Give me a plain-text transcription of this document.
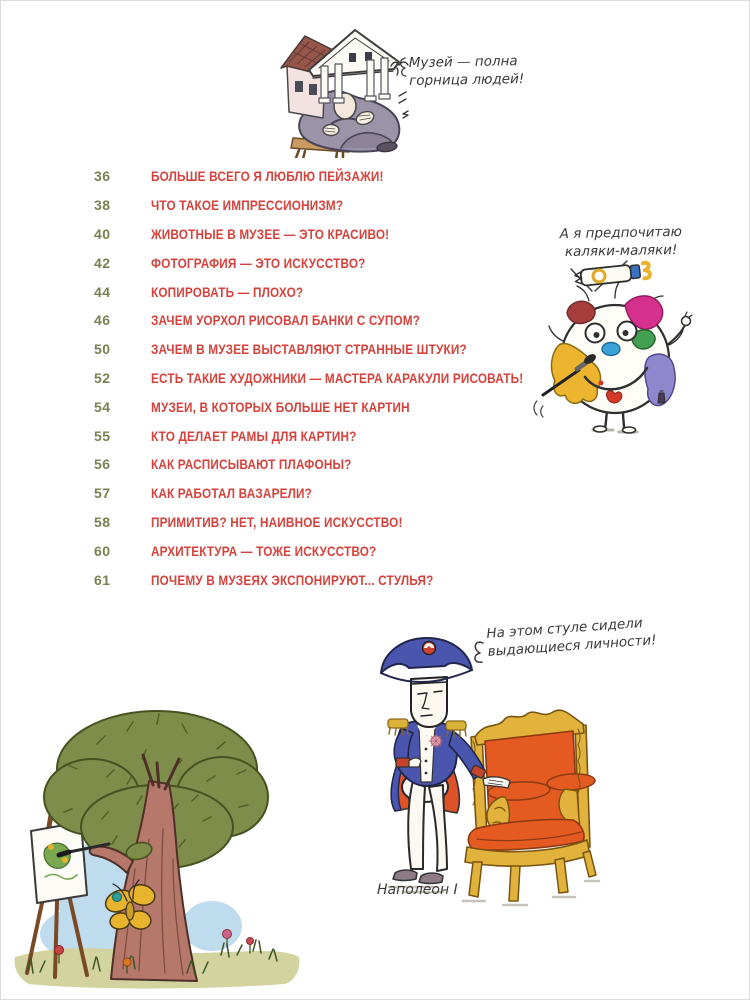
Музей — полна
горница людей!
36	БОЛЬШЕ ВСЕГО Я ЛЮБЛЮ ПЕЙЗАЖИ!
38	ЧТО ТАКОЕ ИМПРЕССИОНИЗМ?
40	ЖИВОТНЫЕ В МУЗЕЕ — ЭТО КРАСИВО!
42	ФОТОГРАФИЯ — ЭТО ИСКУССТВО?
44	КОПИРОВАТЬ — ПЛОХО?
46	ЗАЧЕМ УОРХОЛ РИСОВАЛ БАНКИ С СУПОМ?
50	ЗАЧЕМ В МУЗЕЕ ВЫСТАВЛЯЮТ СТРАННЫЕ ШТУКИ?
52	ЕСТЬ ТАКИЕ ХУДОЖНИКИ — МАСТЕРА КАРАКУЛИ РИСОВАТЬ!
54	МУЗЕИ, В КОТОРЫХ БОЛЬШЕ НЕТ КАРТИН
55	КТО ДЕЛАЕТ РАМЫ ДЛЯ КАРТИН?
56	КАК РАСПИСЫВАЮТ ПЛАФОНЫ?
57	КАК РАБОТАЛ ВАЗАРЕЛИ?
58	ПРИМИТИВ? НЕТ, НАИВНОЕ ИСКУССТВО!
60	АРХИТЕКТУРА — ТОЖЕ ИСКУССТВО?
61	ПОЧЕМУ В МУЗЕЯХ ЭКСПОНИРУЮТ... СТУЛЬЯ?
А я предпочитаю
каляки-маляки!
На этом стуле сидели
выдающиеся личности!
Наполеон I
